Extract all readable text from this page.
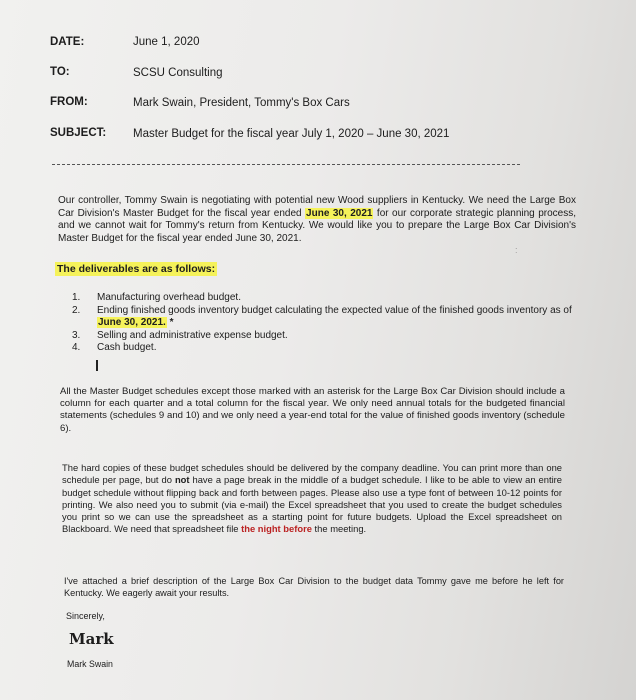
DATE:	June 1, 2020
TO:	SCSU Consulting
FROM:	Mark Swain, President, Tommy's Box Cars
SUBJECT: Master Budget for the fiscal year July 1, 2020 – June 30, 2021

Our controller, Tommy Swain is negotiating with potential new Wood suppliers in Kentucky. We need the Large Box Car Division's Master Budget for the fiscal year ended June 30, 2021 for our corporate strategic planning process, and we cannot wait for Tommy's return from Kentucky. We would like you to prepare the Large Box Car Division's Master Budget for the fiscal year ended June 30, 2021.

:
The deliverables are as follows:
1. Manufacturing overhead budget.
2. Ending finished goods inventory budget calculating the expected value of the finished goods inventory as of June 30, 2021. *
3. Selling and administrative expense budget.
4. Cash budget.

All the Master Budget schedules except those marked with an asterisk for the Large Box Car Division should include a column for each quarter and a total column for the fiscal year. We only need annual totals for the budgeted financial statements (schedules 9 and 10) and we only need a year-end total for the value of finished goods inventory (schedule 6).

The hard copies of these budget schedules should be delivered by the company deadline. You can print more than one schedule per page, but do not have a page break in the middle of a budget schedule. I like to be able to view an entire budget schedule without flipping back and forth between pages. Please also use a type font of between 10-12 points for printing. We also need you to submit (via e-mail) the Excel spreadsheet that you used to create the budget schedules you print so we can use the spreadsheet as a starting point for future budgets. Upload the Excel spreadsheet on Blackboard. We need that spreadsheet file the night before the meeting.

I've attached a brief description of the Large Box Car Division to the budget data Tommy gave me before he left for Kentucky. We eagerly await your results.

Sincerely,
Mark
Mark Swain
